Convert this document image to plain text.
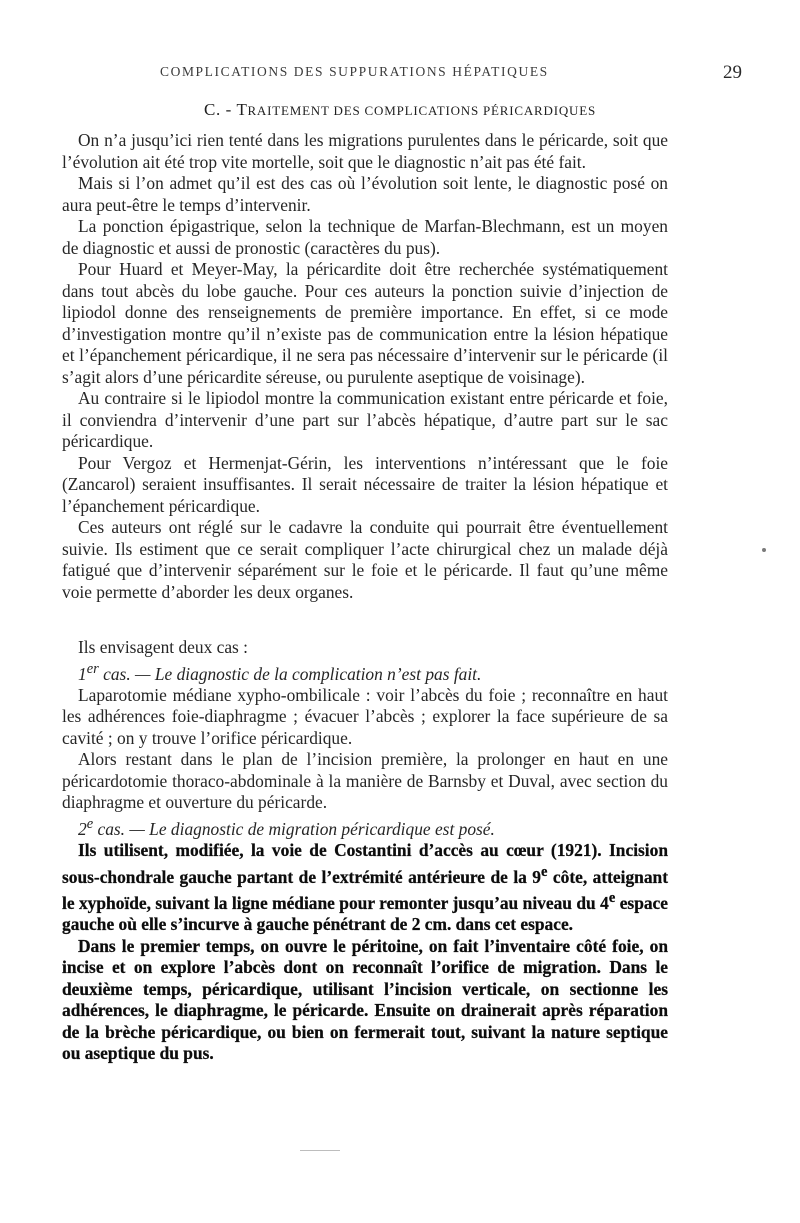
COMPLICATIONS DES SUPPURATIONS HÉPATIQUES	29
C. - TRAITEMENT DES COMPLICATIONS PÉRICARDIQUES

On n’a jusqu’ici rien tenté dans les migrations purulentes dans le péricarde, soit que l’évolution ait été trop vite mortelle, soit que le diagnostic n’ait pas été fait.

Mais si l’on admet qu’il est des cas où l’évolution soit lente, le diagnostic posé on aura peut-être le temps d’intervenir.

La ponction épigastrique, selon la technique de Marfan-Blechmann, est un moyen de diagnostic et aussi de pronostic (caractères du pus).

Pour Huard et Meyer-May, la péricardite doit être recherchée systématiquement dans tout abcès du lobe gauche. Pour ces auteurs la ponction suivie d’injection de lipiodol donne des renseignements de première importance. En effet, si ce mode d’investigation montre qu’il n’existe pas de communication entre la lésion hépatique et l’épanchement péricardique, il ne sera pas nécessaire d’intervenir sur le péricarde (il s’agit alors d’une péricardite séreuse, ou purulente aseptique de voisinage).

Au contraire si le lipiodol montre la communication existant entre péricarde et foie, il conviendra d’intervenir d’une part sur l’abcès hépatique, d’autre part sur le sac péricardique.

Pour Vergoz et Hermenjat-Gérin, les interventions n’intéressant que le foie (Zancarol) seraient insuffisantes. Il serait nécessaire de traiter la lésion hépatique et l’épanchement péricardique.

Ces auteurs ont réglé sur le cadavre la conduite qui pourrait être éventuellement suivie. Ils estiment que ce serait compliquer l’acte chirurgical chez un malade déjà fatigué que d’intervenir séparément sur le foie et le péricarde. Il faut qu’une même voie permette d’aborder les deux organes.

Ils envisagent deux cas :

1er cas. — Le diagnostic de la complication n’est pas fait.

Laparotomie médiane xypho-ombilicale : voir l’abcès du foie ; reconnaître en haut les adhérences foie-diaphragme ; évacuer l’abcès ; explorer la face supérieure de sa cavité ; on y trouve l’orifice péricardique.

Alors restant dans le plan de l’incision première, la prolonger en haut en une péricardotomie thoraco-abdominale à la manière de Barnsby et Duval, avec section du diaphragme et ouverture du péricarde.

2e cas. — Le diagnostic de migration péricardique est posé.

Ils utilisent, modifiée, la voie de Costantini d’accès au cœur (1921). Incision sous-chondrale gauche partant de l’extrémité antérieure de la 9e côte, atteignant le xyphoïde, suivant la ligne médiane pour remonter jusqu’au niveau du 4e espace gauche où elle s’incurve à gauche pénétrant de 2 cm. dans cet espace.

Dans le premier temps, on ouvre le péritoine, on fait l’inventaire côté foie, on incise et on explore l’abcès dont on reconnaît l’orifice de migration. Dans le deuxième temps, péricardique, utilisant l’incision verticale, on sectionne les adhérences, le diaphragme, le péricarde. Ensuite on drainerait après réparation de la brèche péricardique, ou bien on fermerait tout, suivant la nature septique ou aseptique du pus.
